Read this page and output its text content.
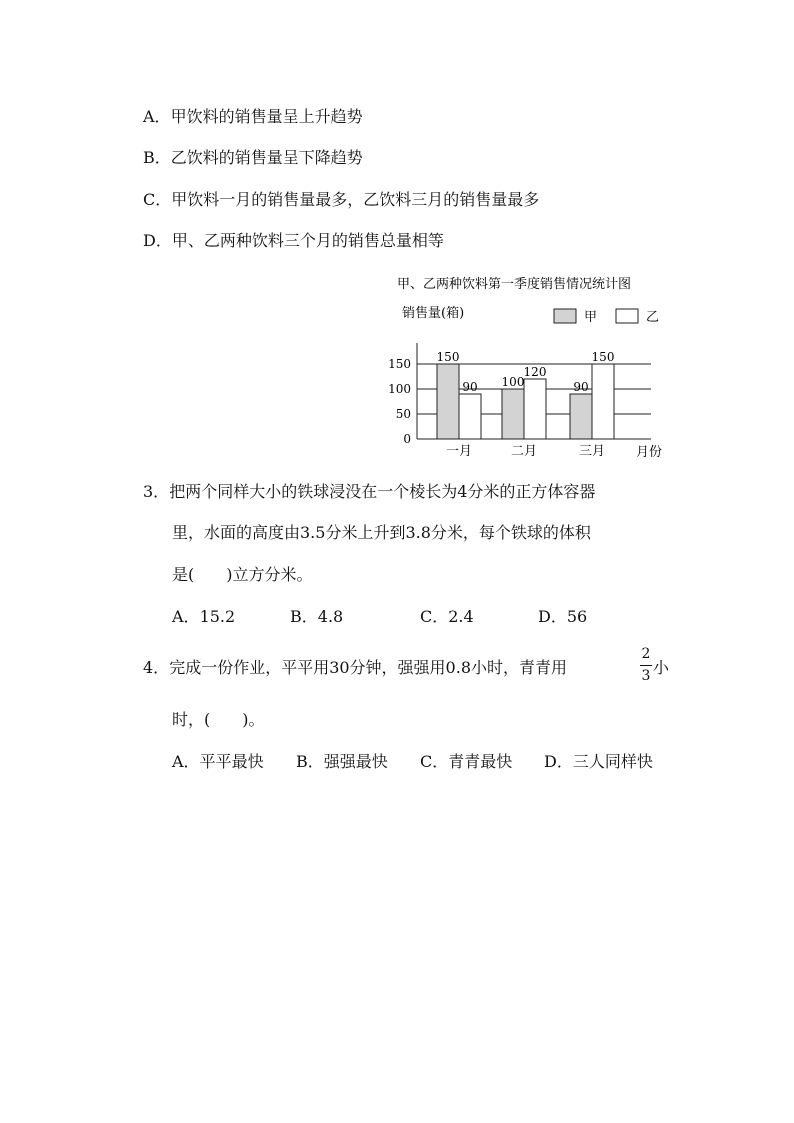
A．甲饮料的销售量呈上升趋势
B．乙饮料的销售量呈下降趋势
C．甲饮料一月的销售量最多，乙饮料三月的销售量最多
D．甲、乙两种饮料三个月的销售总量相等
甲、乙两种饮料第一季度销售情况统计图
销售量(箱)	甲	乙
0
50
100
150 150
90
一月
100
120
二月
90
150
三月 月份
3．把两个同样大小的铁球浸没在一个棱长为4分米的正方体容器
里，水面的高度由3.5分米上升到3.8分米，每个铁球的体积
是(　　)立方分米。
A．15.2	B．4.8	C．2.4	D．56
4．完成一份作业，平平用30分钟，强强用0.8小时，青青用
2
3 小
时，(　　)。
A．平平最快 B．强强最快 C．青青最快 D．三人同样快
